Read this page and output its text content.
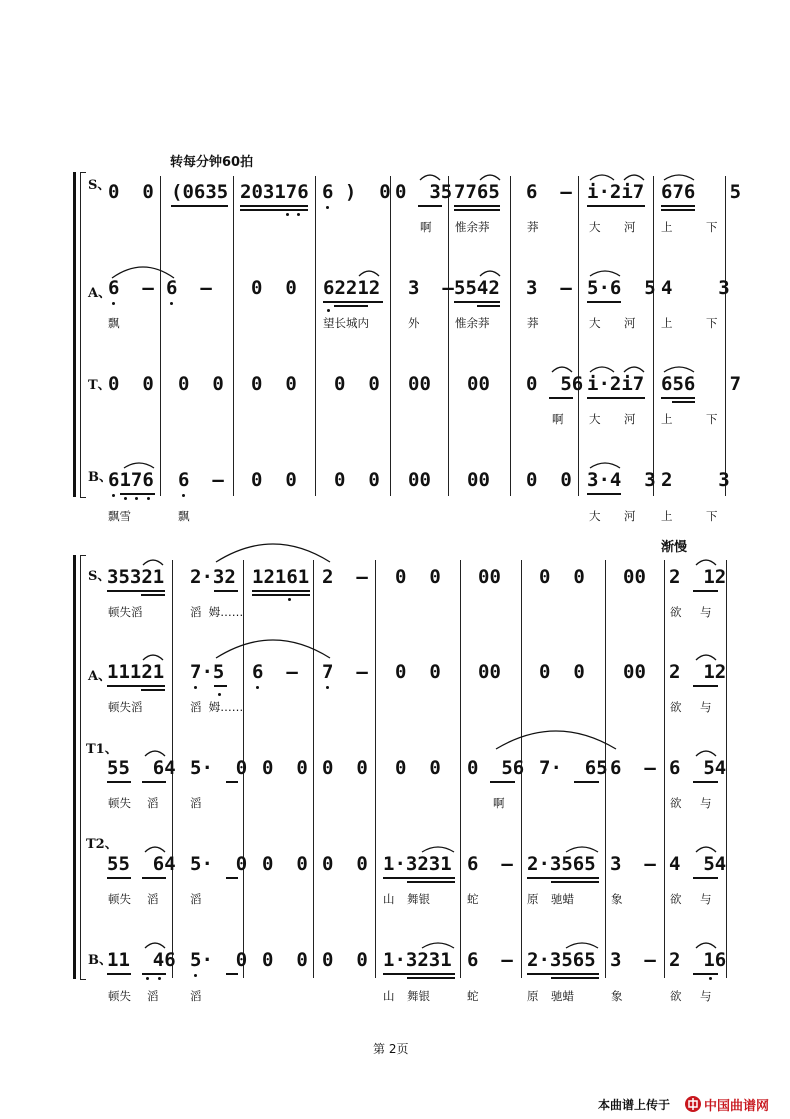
转每分钟60拍
渐慢
S、
0  0 (0635 203176 6 )  0 0  35 7765 6  – i·2i7 676   5
啊 惟余莽	莽	大 河 上	下
A、
6  – 6  – 0  0 62212 3  – 5542 3  – 5·6  5 4    3
飘	望长城内	外	惟余莽	莽	大 河 上	下
T、
0  0 0  0 0  0 0  0 00 00 0  56 i·2i7 656   7
啊 大 河 上	下
B、
6176 6  – 0  0 0  0 00 00 0  0 3·4  3 2    3
飘雪	飘	大 河 上	下
S、
35321 2·32 12161 2  – 0  0 00 0  0 00 2  12
顿失滔	滔  姆……	欲 与
A、
11121 7·5 6  – 7  – 0  0 00 0  0 00 2  12
顿失滔	滔  姆……	欲 与
T1、
55  64 5·  0 0  0 0  0 0  0 0  56 7·  65 6  – 6  54
顿失 滔	滔	啊	欲 与
T2、
55  64 5·  0 0  0 0  0 1·3231 6  – 2·3565 3  – 4  54
顿失 滔	滔	山 舞银	蛇	原 驰蜡	象	欲 与
B、
11  46 5·  0 0  0 0  0 1·3231 6  – 2·3565 3  – 2  16
顿失 滔	滔	山 舞银	蛇	原 驰蜡	象	欲 与
第 2页
本曲谱上传于	中国曲谱网
